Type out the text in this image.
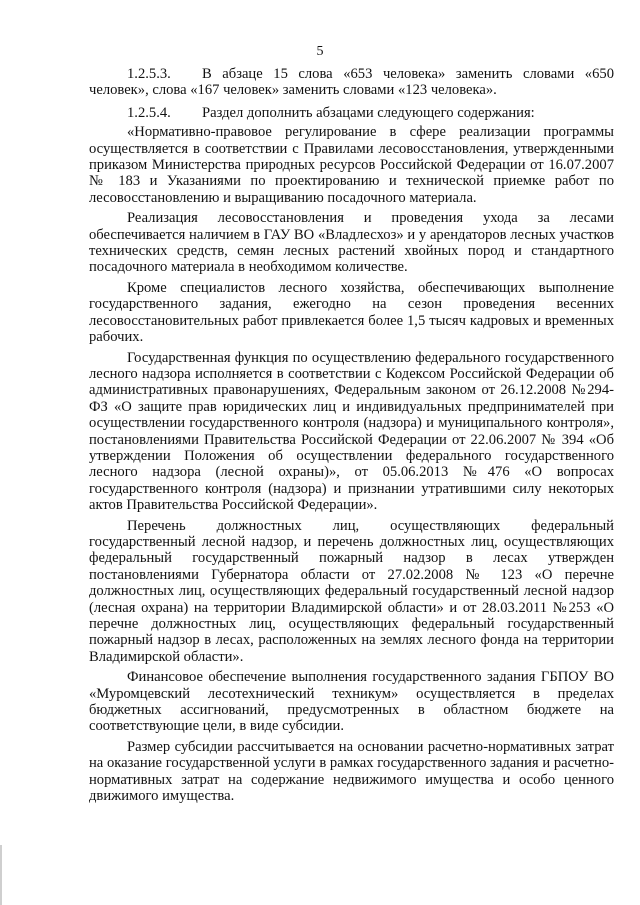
5

1.2.5.3. В абзаце 15 слова «653 человека» заменить словами «650 человек», слова «167 человек» заменить словами «123 человека».

1.2.5.4. Раздел дополнить абзацами следующего содержания:

«Нормативно-правовое регулирование в сфере реализации программы осуществляется в соответствии с Правилами лесовосстановления, утвержденными приказом Министерства природных ресурсов Российской Федерации от 16.07.2007 № 183 и Указаниями по проектированию и технической приемке работ по лесовосстановлению и выращиванию посадочного материала.

Реализация лесовосстановления и проведения ухода за лесами обеспечивается наличием в ГАУ ВО «Владлесхоз» и у арендаторов лесных участков технических средств, семян лесных растений хвойных пород и стандартного посадочного материала в необходимом количестве.

Кроме специалистов лесного хозяйства, обеспечивающих выполнение государственного задания, ежегодно на сезон проведения весенних лесовосстановительных работ привлекается более 1,5 тысяч кадровых и временных рабочих.

Государственная функция по осуществлению федерального государственного лесного надзора исполняется в соответствии с Кодексом Российской Федерации об административных правонарушениях, Федеральным законом от 26.12.2008 №294-ФЗ «О защите прав юридических лиц и индивидуальных предпринимателей при осуществлении государственного контроля (надзора) и муниципального контроля», постановлениями Правительства Российской Федерации от 22.06.2007 № 394 «Об утверждении Положения об осуществлении федерального государственного лесного надзора (лесной охраны)», от 05.06.2013 №476 «О вопросах государственного контроля (надзора) и признании утратившими силу некоторых актов Правительства Российской Федерации».

Перечень должностных лиц, осуществляющих федеральный государственный лесной надзор, и перечень должностных лиц, осуществляющих федеральный государственный пожарный надзор в лесах утвержден постановлениями Губернатора области от 27.02.2008 № 123 «О перечне должностных лиц, осуществляющих федеральный государственный лесной надзор (лесная охрана) на территории Владимирской области» и от 28.03.2011 №253 «О перечне должностных лиц, осуществляющих федеральный государственный пожарный надзор в лесах, расположенных на землях лесного фонда на территории Владимирской области».

Финансовое обеспечение выполнения государственного задания ГБПОУ ВО «Муромцевский лесотехнический техникум» осуществляется в пределах бюджетных ассигнований, предусмотренных в областном бюджете на соответствующие цели, в виде субсидии.

Размер субсидии рассчитывается на основании расчетно-нормативных затрат на оказание государственной услуги в рамках государственного задания и расчетно-нормативных затрат на содержание недвижимого имущества и особо ценного движимого имущества.
